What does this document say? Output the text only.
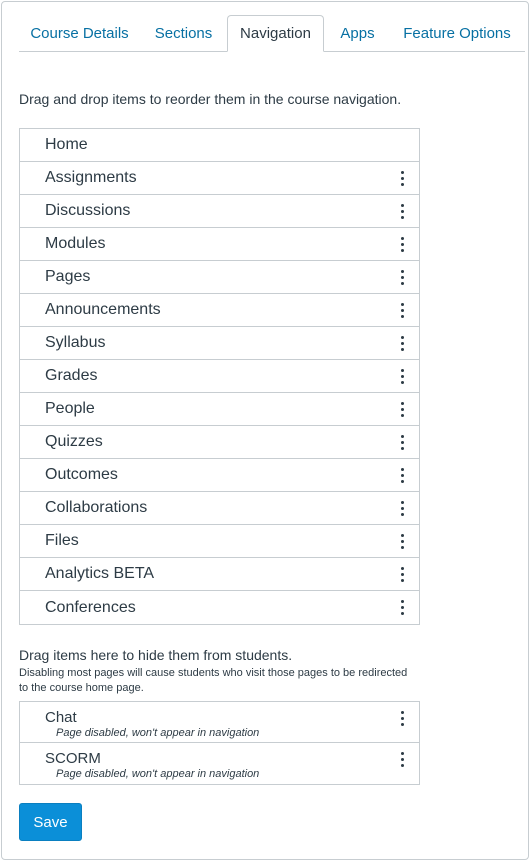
Course Details	Sections	Navigation	Apps	Feature Options
Drag and drop items to reorder them in the course navigation.
Home
Assignments
Discussions
Modules
Pages
Announcements
Syllabus
Grades
People
Quizzes
Outcomes
Collaborations
Files
Analytics BETA
Conferences
Drag items here to hide them from students.
Disabling most pages will cause students who visit those pages to be redirected to the course home page.
Chat
Page disabled, won't appear in navigation
SCORM
Page disabled, won't appear in navigation
Save
